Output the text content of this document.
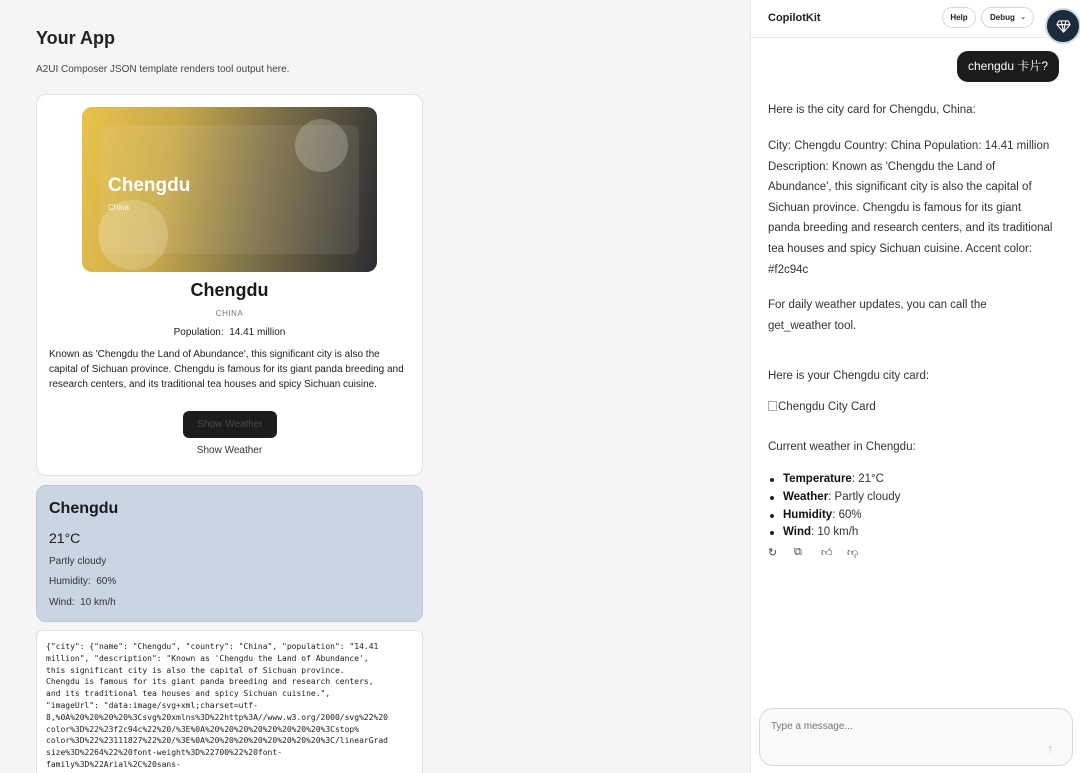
Your App
A2UI Composer JSON template renders tool output here.
Chengdu
China
Chengdu
CHINA
Population: 14.41 million
Known as 'Chengdu the Land of Abundance', this significant city is also the capital of Sichuan province. Chengdu is famous for its giant panda breeding and research centers, and its traditional tea houses and spicy Sichuan cuisine.
Show Weather
Show Weather
Chengdu
21°C
Partly cloudy
Humidity: 60%
Wind: 10 km/h
{"city": {"name": "Chengdu", "country": "China", "population": "14.41
million", "description": "Known as 'Chengdu the Land of Abundance',
this significant city is also the capital of Sichuan province.
Chengdu is famous for its giant panda breeding and research centers,
and its traditional tea houses and spicy Sichuan cuisine.",
"imageUrl": "data:image/svg+xml;charset=utf-
8,%0A%20%20%20%20%3Csvg%20xmlns%3D%22http%3A//www.w3.org/2000/svg%22%20
color%3D%22%23f2c94c%22%20/%3E%0A%20%20%20%20%20%20%20%20%3Cstop%
color%3D%22%23111827%22%20/%3E%0A%20%20%20%20%20%20%20%20%3C/linearGrad
size%3D%2264%22%20font-weight%3D%22700%22%20font-
family%3D%22Arial%2C%20sans-
CopilotKit	Help	Debug ⌄
chengdu 卡片?
Here is the city card for Chengdu, China:
City: Chengdu Country: China Population: 14.41 million Description: Known as 'Chengdu the Land of Abundance', this significant city is also the capital of Sichuan province. Chengdu is famous for its giant panda breeding and research centers, and its traditional tea houses and spicy Sichuan cuisine. Accent color: #f2c94c
For daily weather updates, you can call the get_weather tool.
Here is your Chengdu city card:
Chengdu City Card
Current weather in Chengdu:
Temperature: 21°C
Weather: Partly cloudy
Humidity: 60%
Wind: 10 km/h
↻ ⧉ 👍︎ 👎︎
Type a message...
↑
